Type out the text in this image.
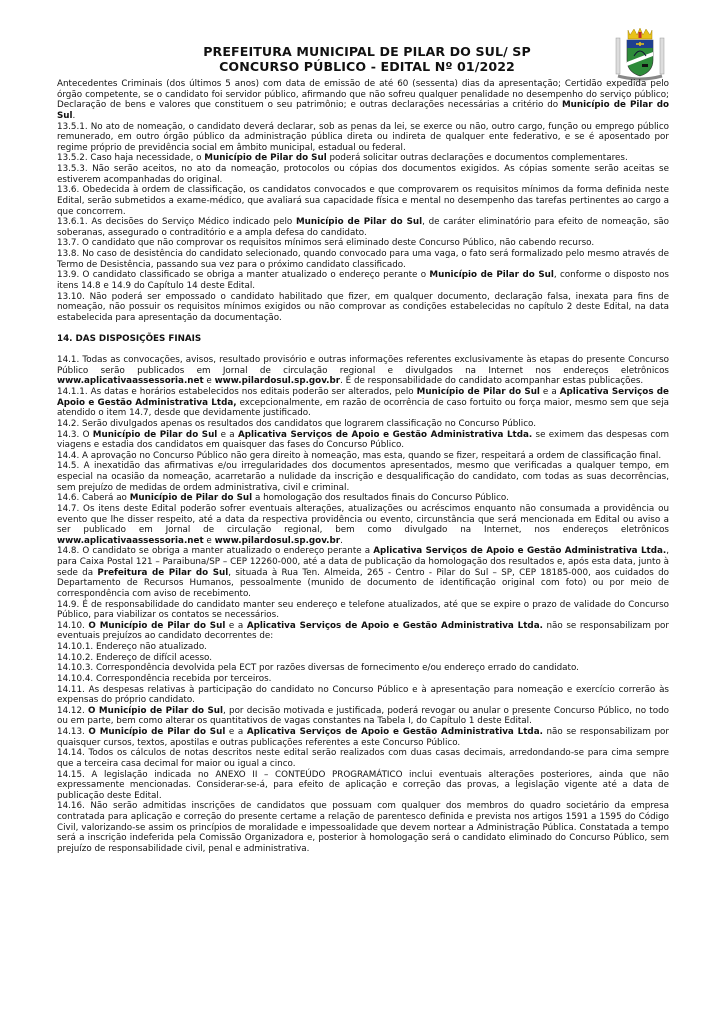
PREFEITURA MUNICIPAL DE PILAR DO SUL/ SP
CONCURSO PÚBLICO - EDITAL Nº 01/2022

Antecedentes Criminais (dos últimos 5 anos) com data de emissão de até 60 (sessenta) dias da apresentação; Certidão expedida pelo órgão competente, se o candidato foi servidor público, afirmando que não sofreu qualquer penalidade no desempenho do serviço público; Declaração de bens e valores que constituem o seu patrimônio; e outras declarações necessárias a critério do Município de Pilar do Sul.

13.5.1. No ato de nomeação, o candidato deverá declarar, sob as penas da lei, se exerce ou não, outro cargo, função ou emprego público remunerado, em outro órgão público da administração pública direta ou indireta de qualquer ente federativo, e se é aposentado por regime próprio de previdência social em âmbito municipal, estadual ou federal.

13.5.2. Caso haja necessidade, o Município de Pilar do Sul poderá solicitar outras declarações e documentos complementares.

13.5.3. Não serão aceitos, no ato da nomeação, protocolos ou cópias dos documentos exigidos. As cópias somente serão aceitas se estiverem acompanhadas do original.

13.6. Obedecida à ordem de classificação, os candidatos convocados e que comprovarem os requisitos mínimos da forma definida neste Edital, serão submetidos a exame-médico, que avaliará sua capacidade física e mental no desempenho das tarefas pertinentes ao cargo a que concorrem.

13.6.1. As decisões do Serviço Médico indicado pelo Município de Pilar do Sul, de caráter eliminatório para efeito de nomeação, são soberanas, assegurado o contraditório e a ampla defesa do candidato.

13.7. O candidato que não comprovar os requisitos mínimos será eliminado deste Concurso Público, não cabendo recurso.

13.8. No caso de desistência do candidato selecionado, quando convocado para uma vaga, o fato será formalizado pelo mesmo através de Termo de Desistência, passando sua vez para o próximo candidato classificado.

13.9. O candidato classificado se obriga a manter atualizado o endereço perante o Município de Pilar do Sul, conforme o disposto nos itens 14.8 e 14.9 do Capítulo 14 deste Edital.

13.10. Não poderá ser empossado o candidato habilitado que fizer, em qualquer documento, declaração falsa, inexata para fins de nomeação, não possuir os requisitos mínimos exigidos ou não comprovar as condições estabelecidas no capítulo 2 deste Edital, na data estabelecida para apresentação da documentação.

14. DAS DISPOSIÇÕES FINAIS

14.1. Todas as convocações, avisos, resultado provisório e outras informações referentes exclusivamente às etapas do presente Concurso Público serão publicados em Jornal de circulação regional e divulgados na Internet nos endereços eletrônicos www.aplicativaassessoria.net e www.pilardosul.sp.gov.br. É de responsabilidade do candidato acompanhar estas publicações.

14.1.1. As datas e horários estabelecidos nos editais poderão ser alterados, pelo Município de Pilar do Sul e a Aplicativa Serviços de Apoio e Gestão Administrativa Ltda, excepcionalmente, em razão de ocorrência de caso fortuito ou força maior, mesmo sem que seja atendido o item 14.7, desde que devidamente justificado.

14.2. Serão divulgados apenas os resultados dos candidatos que lograrem classificação no Concurso Público.

14.3. O Município de Pilar do Sul e a Aplicativa Serviços de Apoio e Gestão Administrativa Ltda. se eximem das despesas com viagens e estadia dos candidatos em quaisquer das fases do Concurso Público.

14.4. A aprovação no Concurso Público não gera direito à nomeação, mas esta, quando se fizer, respeitará a ordem de classificação final.

14.5. A inexatidão das afirmativas e/ou irregularidades dos documentos apresentados, mesmo que verificadas a qualquer tempo, em especial na ocasião da nomeação, acarretarão a nulidade da inscrição e desqualificação do candidato, com todas as suas decorrências, sem prejuízo de medidas de ordem administrativa, civil e criminal.

14.6. Caberá ao Município de Pilar do Sul a homologação dos resultados finais do Concurso Público.

14.7. Os itens deste Edital poderão sofrer eventuais alterações, atualizações ou acréscimos enquanto não consumada a providência ou evento que lhe disser respeito, até a data da respectiva providência ou evento, circunstância que será mencionada em Edital ou aviso a ser publicado em Jornal de circulação regional, bem como divulgado na Internet, nos endereços eletrônicos www.aplicativaassessoria.net e www.pilardosul.sp.gov.br.

14.8. O candidato se obriga a manter atualizado o endereço perante a Aplicativa Serviços de Apoio e Gestão Administrativa Ltda., para Caixa Postal 121 – Paraibuna/SP – CEP 12260-000, até a data de publicação da homologação dos resultados e, após esta data, junto à sede da Prefeitura de Pilar do Sul, situada à Rua Ten. Almeida, 265 - Centro - Pilar do Sul – SP, CEP 18185-000, aos cuidados do Departamento de Recursos Humanos, pessoalmente (munido de documento de identificação original com foto) ou por meio de correspondência com aviso de recebimento.

14.9. É de responsabilidade do candidato manter seu endereço e telefone atualizados, até que se expire o prazo de validade do Concurso Público, para viabilizar os contatos se necessários.

14.10. O Município de Pilar do Sul e a Aplicativa Serviços de Apoio e Gestão Administrativa Ltda. não se responsabilizam por eventuais prejuízos ao candidato decorrentes de:

14.10.1. Endereço não atualizado.

14.10.2. Endereço de difícil acesso.

14.10.3. Correspondência devolvida pela ECT por razões diversas de fornecimento e/ou endereço errado do candidato.

14.10.4. Correspondência recebida por terceiros.

14.11. As despesas relativas à participação do candidato no Concurso Público e à apresentação para nomeação e exercício correrão às expensas do próprio candidato.

14.12. O Município de Pilar do Sul, por decisão motivada e justificada, poderá revogar ou anular o presente Concurso Público, no todo ou em parte, bem como alterar os quantitativos de vagas constantes na Tabela I, do Capítulo 1 deste Edital.

14.13. O Município de Pilar do Sul e a Aplicativa Serviços de Apoio e Gestão Administrativa Ltda. não se responsabilizam por quaisquer cursos, textos, apostilas e outras publicações referentes a este Concurso Público.

14.14. Todos os cálculos de notas descritos neste edital serão realizados com duas casas decimais, arredondando-se para cima sempre que a terceira casa decimal for maior ou igual a cinco.

14.15. A legislação indicada no ANEXO II – CONTEÚDO PROGRAMÁTICO inclui eventuais alterações posteriores, ainda que não expressamente mencionadas. Considerar-se-á, para efeito de aplicação e correção das provas, a legislação vigente até a data de publicação deste Edital.

14.16. Não serão admitidas inscrições de candidatos que possuam com qualquer dos membros do quadro societário da empresa contratada para aplicação e correção do presente certame a relação de parentesco definida e prevista nos artigos 1591 a 1595 do Código Civil, valorizando-se assim os princípios de moralidade e impessoalidade que devem nortear a Administração Pública. Constatada a tempo será a inscrição indeferida pela Comissão Organizadora e, posterior à homologação será o candidato eliminado do Concurso Público, sem prejuízo de responsabilidade civil, penal e administrativa.
